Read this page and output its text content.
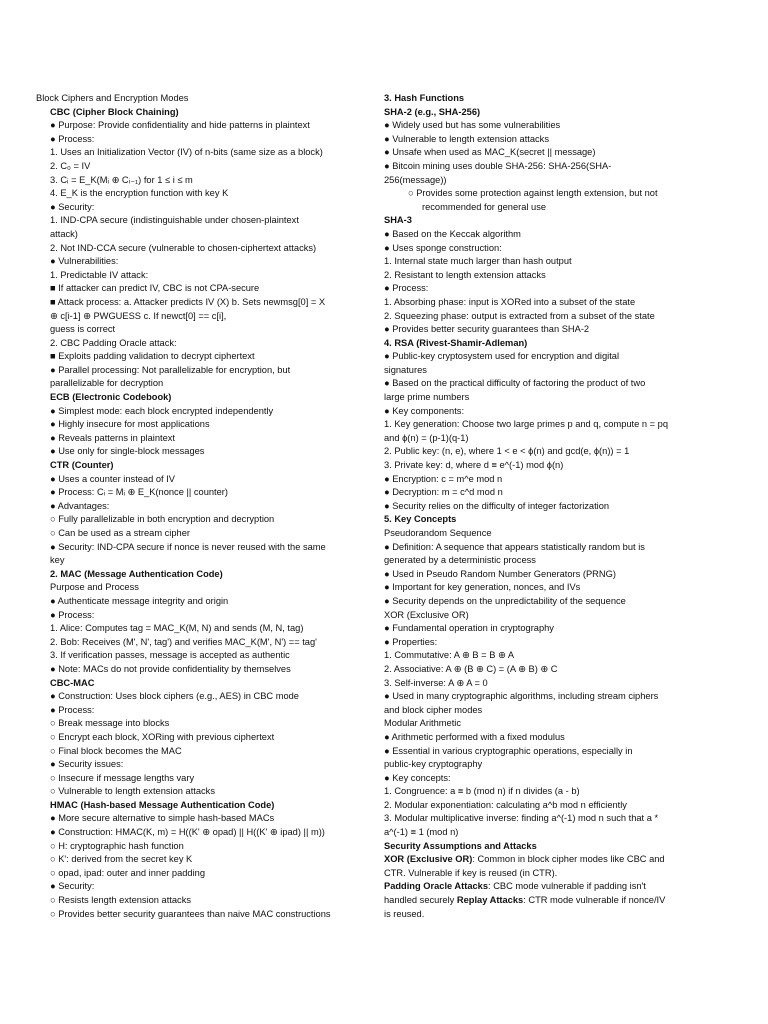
Block Ciphers and Encryption Modes
CBC (Cipher Block Chaining)
● Purpose: Provide confidentiality and hide patterns in plaintext
● Process:
1. Uses an Initialization Vector (IV) of n-bits (same size as a block)
2. C₀ = IV
3. Cᵢ = E_K(Mᵢ ⊕ Cᵢ₋₁) for 1 ≤ i ≤ m
4. E_K is the encryption function with key K
● Security:
1. IND-CPA secure (indistinguishable under chosen-plaintext
attack)
2. Not IND-CCA secure (vulnerable to chosen-ciphertext attacks)
● Vulnerabilities:
1. Predictable IV attack:
■ If attacker can predict IV, CBC is not CPA-secure
■ Attack process: a. Attacker predicts IV (X) b. Sets newmsg[0] = X
⊕ c[i-1] ⊕ PWGUESS c. If newct[0] == c[i],
guess is correct
2. CBC Padding Oracle attack:
■ Exploits padding validation to decrypt ciphertext
● Parallel processing: Not parallelizable for encryption, but
parallelizable for decryption
ECB (Electronic Codebook)
● Simplest mode: each block encrypted independently
● Highly insecure for most applications
● Reveals patterns in plaintext
● Use only for single-block messages
CTR (Counter)
● Uses a counter instead of IV
● Process: Cᵢ = Mᵢ ⊕ E_K(nonce || counter)
● Advantages:
○ Fully parallelizable in both encryption and decryption
○ Can be used as a stream cipher
● Security: IND-CPA secure if nonce is never reused with the same
key
2. MAC (Message Authentication Code)
Purpose and Process
● Authenticate message integrity and origin
● Process:
1. Alice: Computes tag = MAC_K(M, N) and sends (M, N, tag)
2. Bob: Receives (M', N', tag') and verifies MAC_K(M', N') == tag'
3. If verification passes, message is accepted as authentic
● Note: MACs do not provide confidentiality by themselves
CBC-MAC
● Construction: Uses block ciphers (e.g., AES) in CBC mode
● Process:
○ Break message into blocks
○ Encrypt each block, XORing with previous ciphertext
○ Final block becomes the MAC
● Security issues:
○ Insecure if message lengths vary
○ Vulnerable to length extension attacks
HMAC (Hash-based Message Authentication Code)
● More secure alternative to simple hash-based MACs
● Construction: HMAC(K, m) = H((K' ⊕ opad) || H((K' ⊕ ipad) || m))
○ H: cryptographic hash function
○ K': derived from the secret key K
○ opad, ipad: outer and inner padding
● Security:
○ Resists length extension attacks
○ Provides better security guarantees than naive MAC constructions
3. Hash Functions
SHA-2 (e.g., SHA-256)
● Widely used but has some vulnerabilities
● Vulnerable to length extension attacks
● Unsafe when used as MAC_K(secret || message)
● Bitcoin mining uses double SHA-256: SHA-256(SHA-
256(message))
○ Provides some protection against length extension, but not
recommended for general use
SHA-3
● Based on the Keccak algorithm
● Uses sponge construction:
1. Internal state much larger than hash output
2. Resistant to length extension attacks
● Process:
1. Absorbing phase: input is XORed into a subset of the state
2. Squeezing phase: output is extracted from a subset of the state
● Provides better security guarantees than SHA-2
4. RSA (Rivest-Shamir-Adleman)
● Public-key cryptosystem used for encryption and digital
signatures
● Based on the practical difficulty of factoring the product of two
large prime numbers
● Key components:
1. Key generation: Choose two large primes p and q, compute n = pq
and ϕ(n) = (p-1)(q-1)
2. Public key: (n, e), where 1 < e < ϕ(n) and gcd(e, ϕ(n)) = 1
3. Private key: d, where d ≡ e^(-1) mod ϕ(n)
● Encryption: c = m^e mod n
● Decryption: m = c^d mod n
● Security relies on the difficulty of integer factorization
5. Key Concepts
Pseudorandom Sequence
● Definition: A sequence that appears statistically random but is
generated by a deterministic process
● Used in Pseudo Random Number Generators (PRNG)
● Important for key generation, nonces, and IVs
● Security depends on the unpredictability of the sequence
XOR (Exclusive OR)
● Fundamental operation in cryptography
● Properties:
1. Commutative: A ⊕ B = B ⊕ A
2. Associative: A ⊕ (B ⊕ C) = (A ⊕ B) ⊕ C
3. Self-inverse: A ⊕ A = 0
● Used in many cryptographic algorithms, including stream ciphers
and block cipher modes
Modular Arithmetic
● Arithmetic performed with a fixed modulus
● Essential in various cryptographic operations, especially in
public-key cryptography
● Key concepts:
1. Congruence: a ≡ b (mod n) if n divides (a - b)
2. Modular exponentiation: calculating a^b mod n efficiently
3. Modular multiplicative inverse: finding a^(-1) mod n such that a *
a^(-1) ≡ 1 (mod n)
Security Assumptions and Attacks
XOR (Exclusive OR): Common in block cipher modes like CBC and
CTR. Vulnerable if key is reused (in CTR).
Padding Oracle Attacks: CBC mode vulnerable if padding isn't
handled securely Replay Attacks: CTR mode vulnerable if nonce/IV
is reused.
